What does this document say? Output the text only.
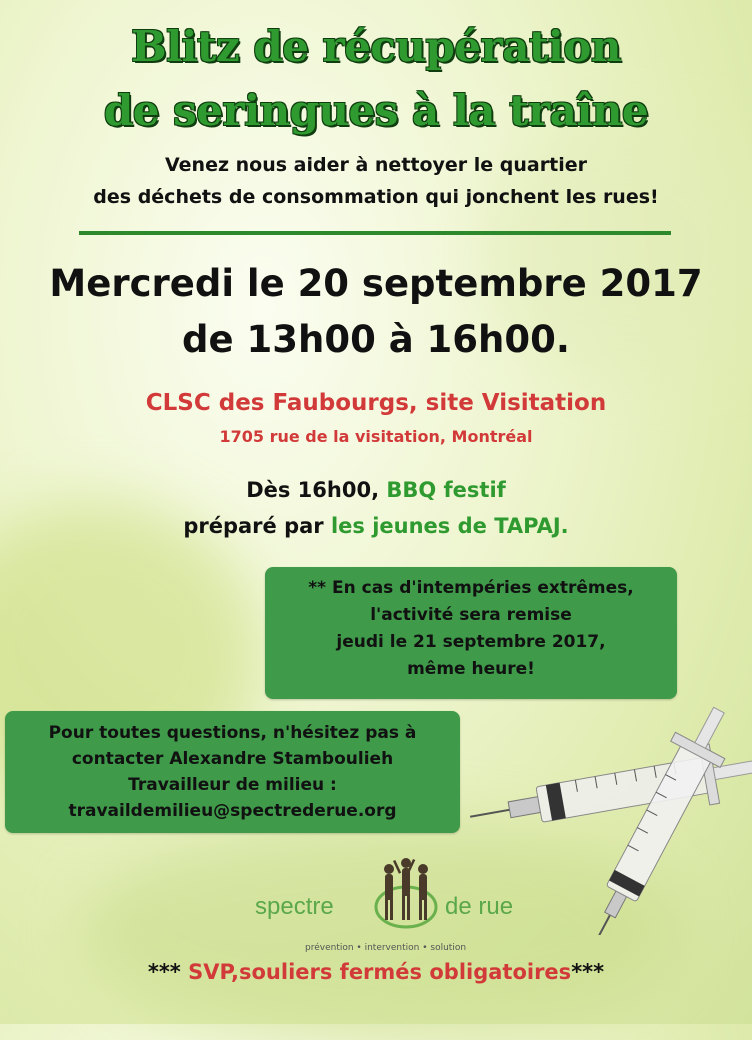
Blitz de récupération
de seringues à la traîne
Venez nous aider à nettoyer le quartier
des déchets de consommation qui jonchent les rues!
Mercredi le 20 septembre 2017
de 13h00 à 16h00.
CLSC des Faubourgs, site Visitation
1705 rue de la visitation, Montréal
Dès 16h00, BBQ festif
préparé par les jeunes de TAPAJ.
** En cas d'intempéries extrêmes,
l'activité sera remise
jeudi le 21 septembre 2017,
même heure!
Pour toutes questions, n'hésitez pas à
contacter Alexandre Stamboulieh
Travailleur de milieu :
travaildemilieu@spectrederue.org
spectre	de rue
prévention • intervention • solution
*** SVP,souliers fermés obligatoires***
